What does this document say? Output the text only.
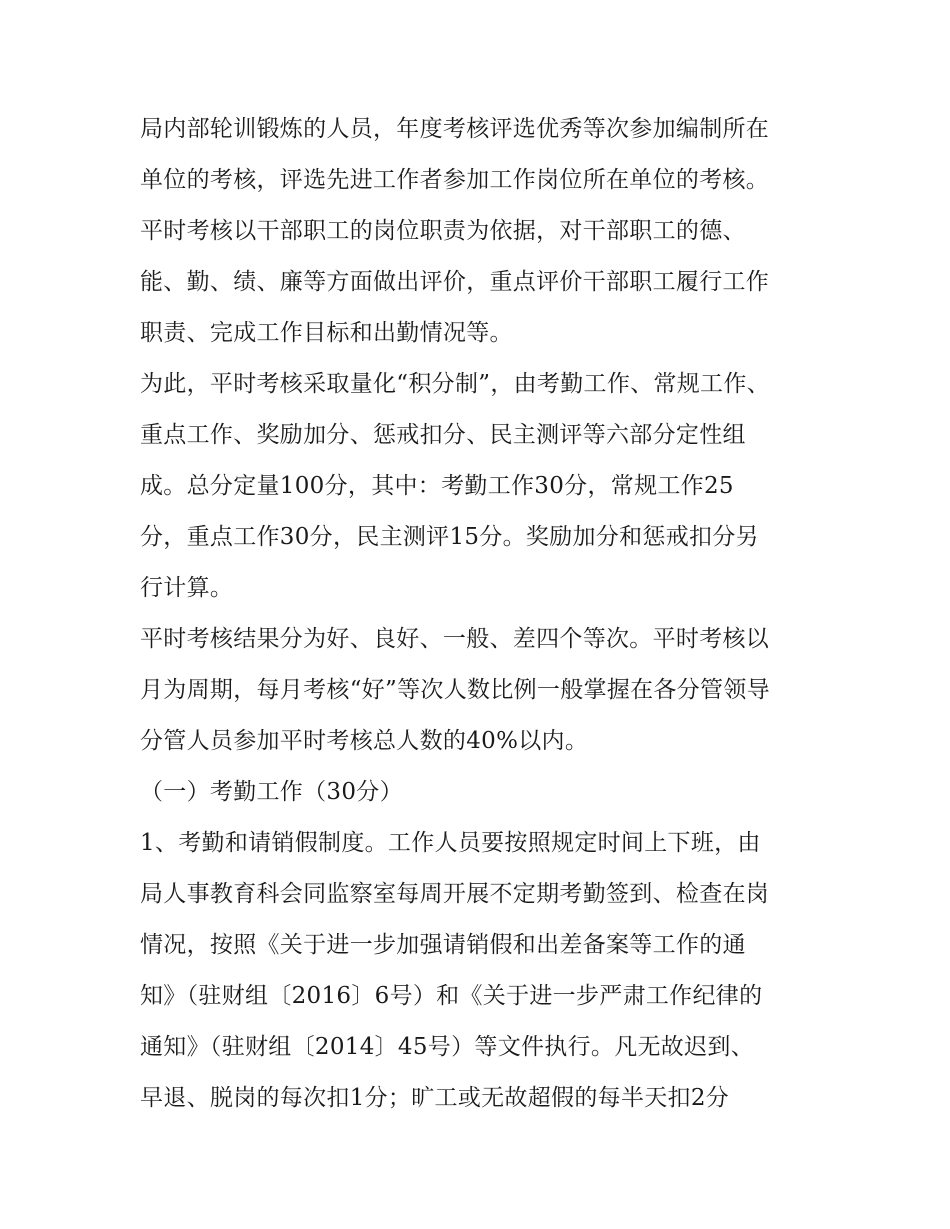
局内部轮训锻炼的人员，年度考核评选优秀等次参加编制所在
单位的考核，评选先进工作者参加工作岗位所在单位的考核。
平时考核以干部职工的岗位职责为依据，对干部职工的德、
能、勤、绩、廉等方面做出评价，重点评价干部职工履行工作
职责、完成工作目标和出勤情况等。
为此，平时考核采取量化“积分制”，由考勤工作、常规工作、
重点工作、奖励加分、惩戒扣分、民主测评等六部分定性组
成。总分定量100分，其中：考勤工作30分，常规工作25
分，重点工作30分，民主测评15分。奖励加分和惩戒扣分另
行计算。
平时考核结果分为好、良好、一般、差四个等次。平时考核以
月为周期，每月考核“好”等次人数比例一般掌握在各分管领导
分管人员参加平时考核总人数的40%以内。
（一）考勤工作（30分）
1、考勤和请销假制度。工作人员要按照规定时间上下班，由
局人事教育科会同监察室每周开展不定期考勤签到、检查在岗
情况，按照《关于进一步加强请销假和出差备案等工作的通
知》（驻财组〔2016〕6号）和《关于进一步严肃工作纪律的
通知》（驻财组〔2014〕45号）等文件执行。凡无故迟到、
早退、脱岗的每次扣1分；旷工或无故超假的每半天扣2分
